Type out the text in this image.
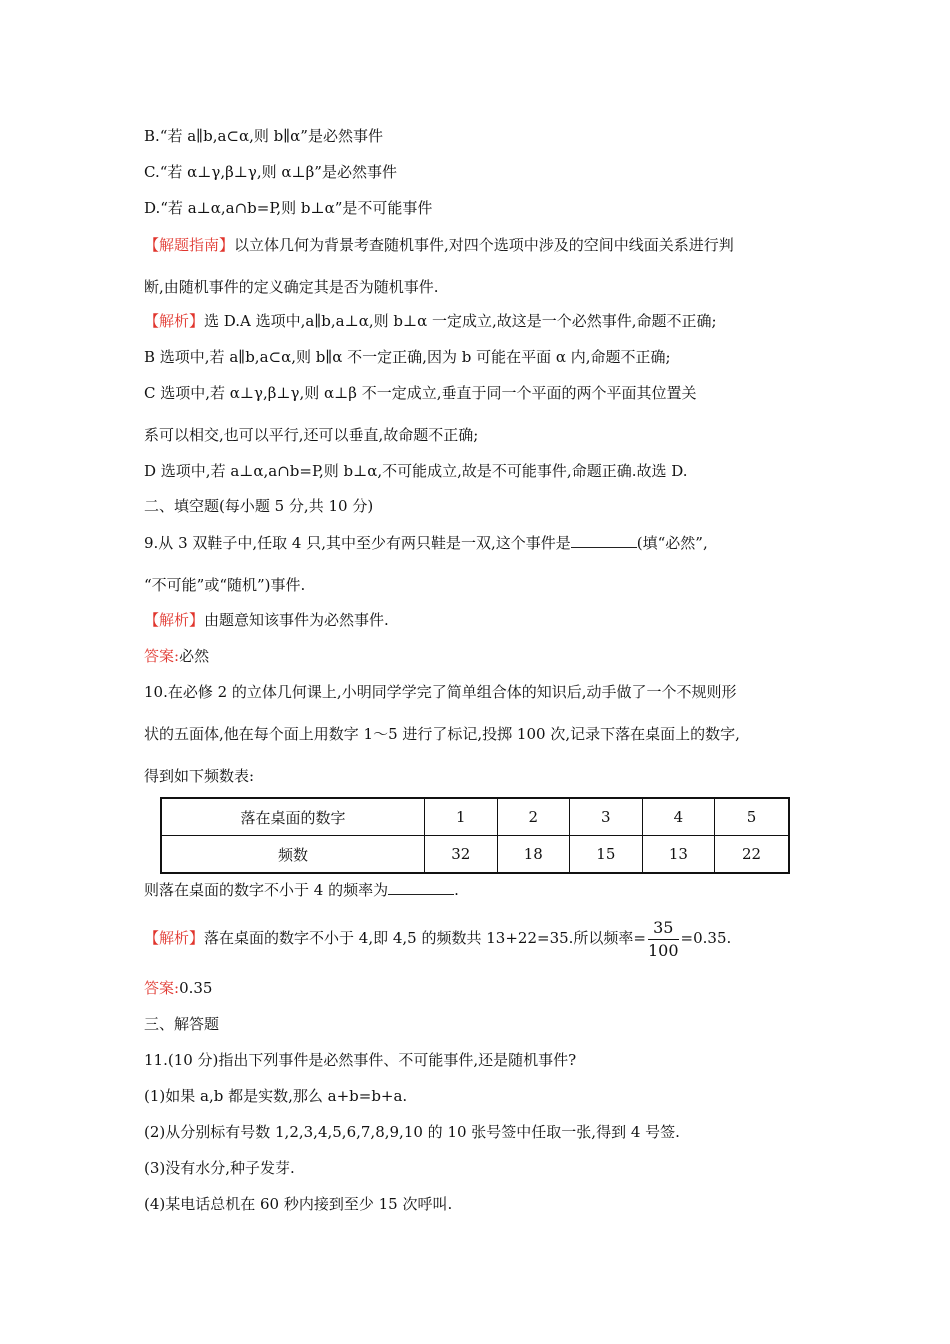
B.“若 a∥b,a⊂α,则 b∥α”是必然事件
C.“若 α⊥γ,β⊥γ,则 α⊥β”是必然事件
D.“若 a⊥α,a∩b=P,则 b⊥α”是不可能事件
【解题指南】以立体几何为背景考查随机事件,对四个选项中涉及的空间中线面关系进行判
断,由随机事件的定义确定其是否为随机事件.
【解析】选 D.A 选项中,a∥b,a⊥α,则 b⊥α 一定成立,故这是一个必然事件,命题不正确;
B 选项中,若 a∥b,a⊂α,则 b∥α 不一定正确,因为 b 可能在平面 α 内,命题不正确;
C 选项中,若 α⊥γ,β⊥γ,则 α⊥β 不一定成立,垂直于同一个平面的两个平面其位置关
系可以相交,也可以平行,还可以垂直,故命题不正确;
D 选项中,若 a⊥α,a∩b=P,则 b⊥α,不可能成立,故是不可能事件,命题正确.故选 D.
二、填空题(每小题 5 分,共 10 分)
9.从 3 双鞋子中,任取 4 只,其中至少有两只鞋是一双,这个事件是	(填“必然”,
“不可能”或“随机”)事件.
【解析】由题意知该事件为必然事件.
答案:必然
10.在必修 2 的立体几何课上,小明同学学完了简单组合体的知识后,动手做了一个不规则形
状的五面体,他在每个面上用数字 1～5 进行了标记,投掷 100 次,记录下落在桌面上的数字,
得到如下频数表:
落在桌面的数字	1	2	3	4	5
频数	32	18	15	13	22
则落在桌面的数字不小于 4 的频率为	.
【解析】落在桌面的数字不小于 4,即 4,5 的频数共 13+22=35.所以频率= $\frac{35}{100} =0.35$.
答案:0.35
三、解答题
11.(10 分)指出下列事件是必然事件、不可能事件,还是随机事件?
(1)如果 a,b 都是实数,那么 a+b=b+a.
(2)从分别标有号数 1,2,3,4,5,6,7,8,9,10 的 10 张号签中任取一张,得到 4 号签.
(3)没有水分,种子发芽.
(4)某电话总机在 60 秒内接到至少 15 次呼叫.
